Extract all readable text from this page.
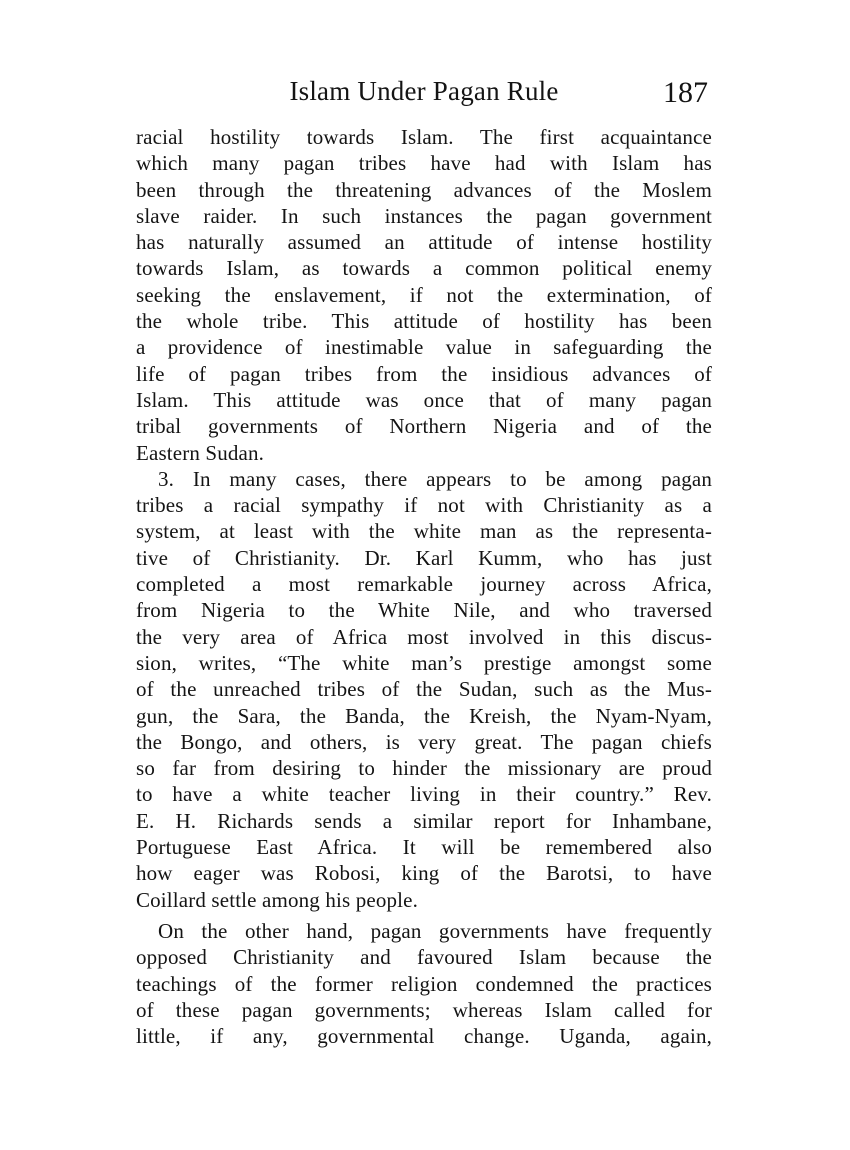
Islam Under Pagan Rule	187
racial hostility towards Islam. The first acquaintance
which many pagan tribes have had with Islam has
been through the threatening advances of the Moslem
slave raider. In such instances the pagan government
has naturally assumed an attitude of intense hostility
towards Islam, as towards a common political enemy
seeking the enslavement, if not the extermination, of
the whole tribe. This attitude of hostility has been
a providence of inestimable value in safeguarding the
life of pagan tribes from the insidious advances of
Islam. This attitude was once that of many pagan
tribal governments of Northern Nigeria and of the
Eastern Sudan.
3. In many cases, there appears to be among pagan
tribes a racial sympathy if not with Christianity as a
system, at least with the white man as the representa-
tive of Christianity. Dr. Karl Kumm, who has just
completed a most remarkable journey across Africa,
from Nigeria to the White Nile, and who traversed
the very area of Africa most involved in this discus-
sion, writes, “The white man’s prestige amongst some
of the unreached tribes of the Sudan, such as the Mus-
gun, the Sara, the Banda, the Kreish, the Nyam-Nyam,
the Bongo, and others, is very great. The pagan chiefs
so far from desiring to hinder the missionary are proud
to have a white teacher living in their country.” Rev.
E. H. Richards sends a similar report for Inhambane,
Portuguese East Africa. It will be remembered also
how eager was Robosi, king of the Barotsi, to have
Coillard settle among his people.
On the other hand, pagan governments have frequently
opposed Christianity and favoured Islam because the
teachings of the former religion condemned the practices
of these pagan governments; whereas Islam called for
little, if any, governmental change. Uganda, again,
